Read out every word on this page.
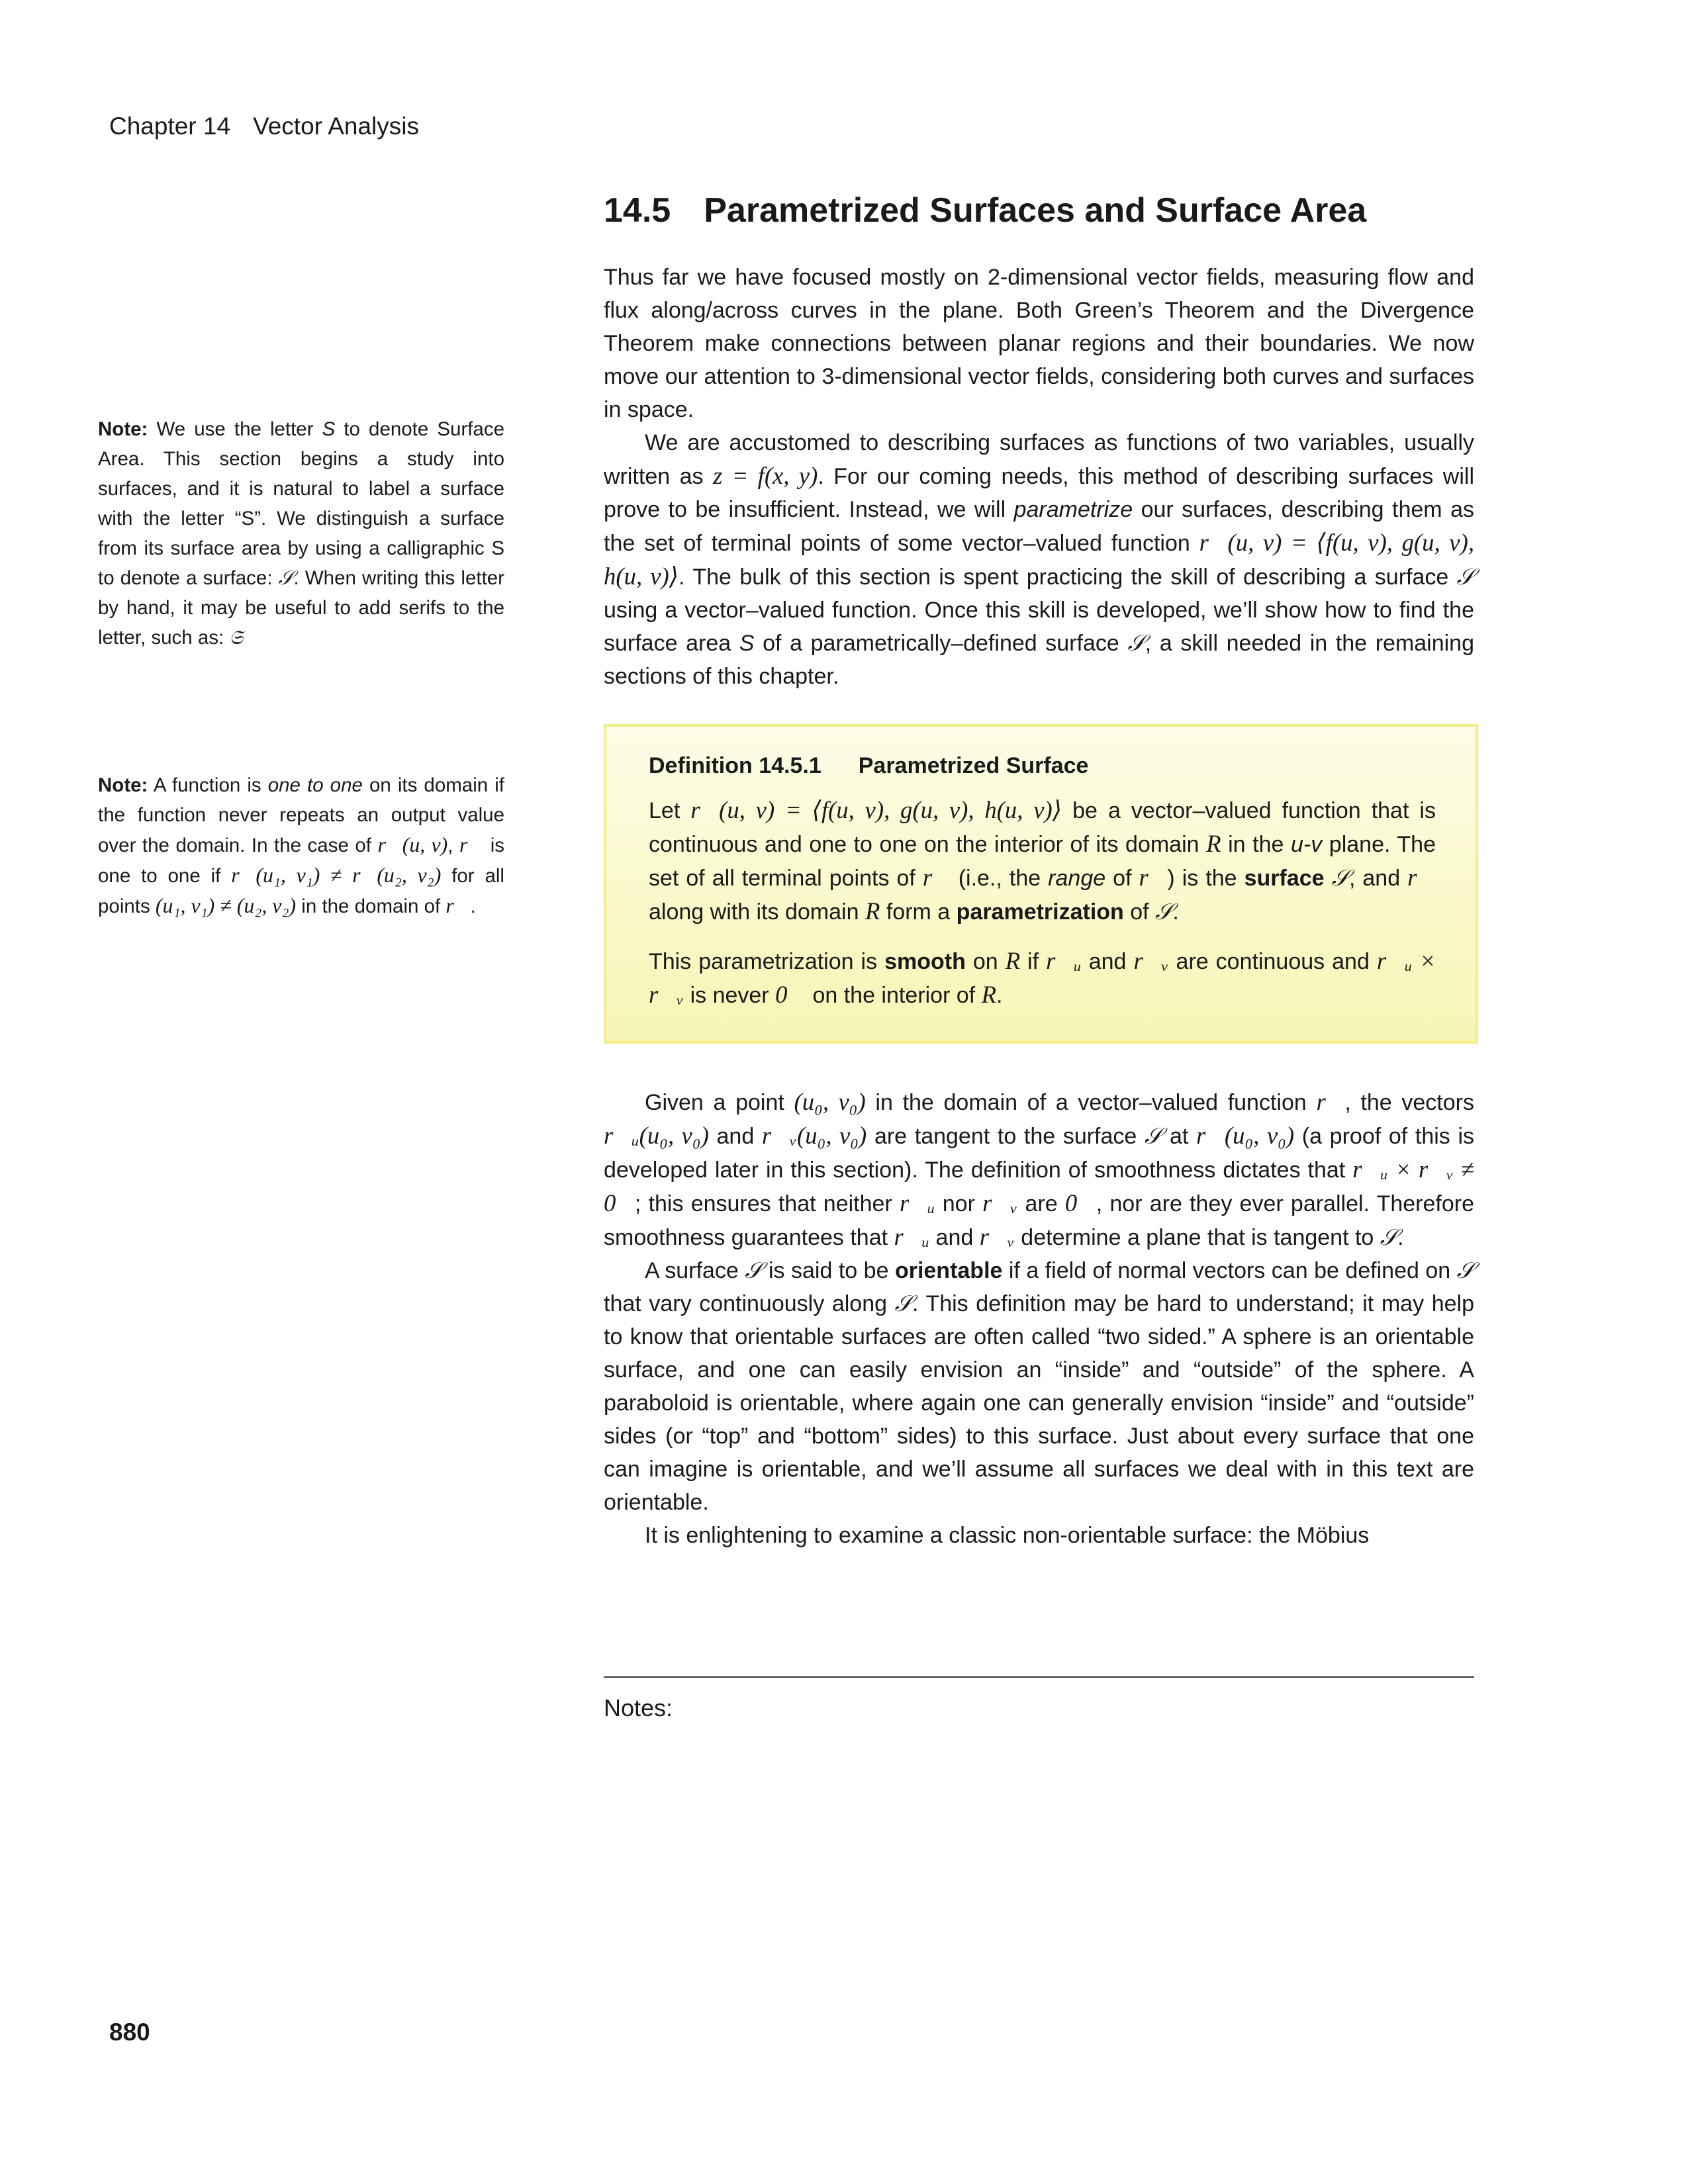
Chapter 14 Vector Analysis
14.5 Parametrized Surfaces and Surface Area

Thus far we have focused mostly on 2-dimensional vector fields, measuring flow and flux along/across curves in the plane. Both Green’s Theorem and the Divergence Theorem make connections between planar regions and their boundaries. We now move our attention to 3-dimensional vector fields, considering both curves and surfaces in space.

We are accustomed to describing surfaces as functions of two variables, usually written as z = f(x, y). For our coming needs, this method of describing surfaces will prove to be insufficient. Instead, we will parametrize our surfaces, describing them as the set of terminal points of some vector–valued function r⃗(u, v) = ⟨f(u, v), g(u, v), h(u, v)⟩. The bulk of this section is spent practicing the skill of describing a surface 𝒮 using a vector–valued function. Once this skill is developed, we’ll show how to find the surface area S of a parametrically–defined surface 𝒮, a skill needed in the remaining sections of this chapter.

Definition 14.5.1 Parametrized Surface

Let r⃗(u, v) = ⟨f(u, v), g(u, v), h(u, v)⟩ be a vector–valued function that is continuous and one to one on the interior of its domain R in the u-v plane. The set of all terminal points of r⃗ (i.e., the range of r⃗) is the surface 𝒮, and r⃗ along with its domain R form a parametrization of 𝒮.

This parametrization is smooth on R if r⃗ᵤ and r⃗ᵥ are continuous and r⃗ᵤ × r⃗ᵥ is never 0⃗ on the interior of R.

Given a point (u₀, v₀) in the domain of a vector–valued function r⃗, the vectors r⃗ᵤ(u₀, v₀) and r⃗ᵥ(u₀, v₀) are tangent to the surface 𝒮 at r⃗(u₀, v₀) (a proof of this is developed later in this section). The definition of smoothness dictates that r⃗ᵤ × r⃗ᵥ ≠ 0⃗; this ensures that neither r⃗ᵤ nor r⃗ᵥ are 0⃗, nor are they ever parallel. Therefore smoothness guarantees that r⃗ᵤ and r⃗ᵥ determine a plane that is tangent to 𝒮.

A surface 𝒮 is said to be orientable if a field of normal vectors can be defined on 𝒮 that vary continuously along 𝒮. This definition may be hard to understand; it may help to know that orientable surfaces are often called “two sided.” A sphere is an orientable surface, and one can easily envision an “inside” and “outside” of the sphere. A paraboloid is orientable, where again one can generally envision “inside” and “outside” sides (or “top” and “bottom” sides) to this surface. Just about every surface that one can imagine is orientable, and we’ll assume all surfaces we deal with in this text are orientable.

It is enlightening to examine a classic non-orientable surface: the Möbius

Note: We use the letter S to denote Surface Area. This section begins a study into surfaces, and it is natural to label a surface with the letter “S”. We distinguish a surface from its surface area by using a calligraphic S to denote a surface: 𝒮. When writing this letter by hand, it may be useful to add serifs to the letter, such as: 𝔖

Note: A function is one to one on its domain if the function never repeats an output value over the domain. In the case of r⃗(u, v), r⃗ is one to one if r⃗(u₁, v₁) ≠ r⃗(u₂, v₂) for all points (u₁, v₁) ≠ (u₂, v₂) in the domain of r⃗.

Notes:
880
